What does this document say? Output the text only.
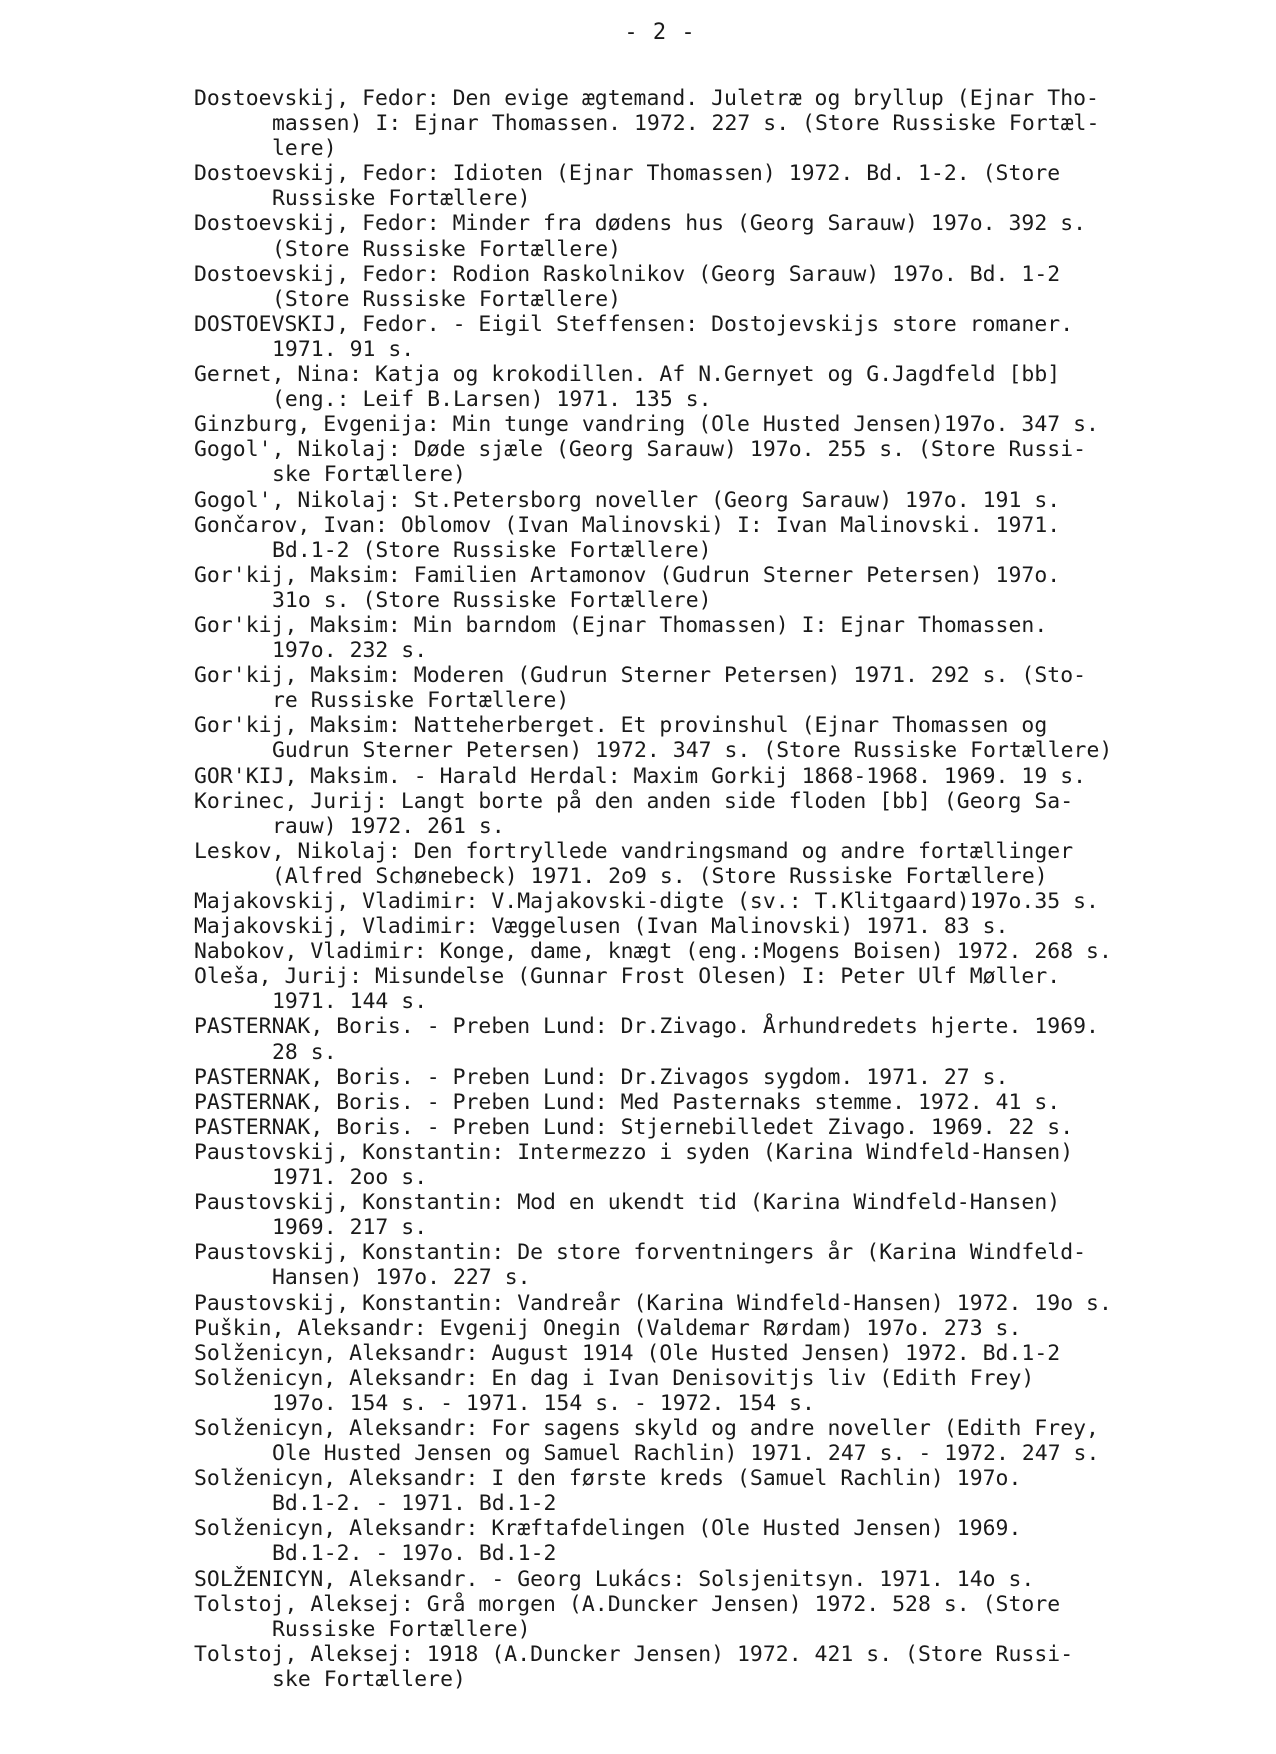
- 2 -
Dostoevskij, Fedor: Den evige ægtemand. Juletræ og bryllup (Ejnar Tho-
massen) I: Ejnar Thomassen. 1972. 227 s. (Store Russiske Fortæl-
lere)
Dostoevskij, Fedor: Idioten (Ejnar Thomassen) 1972. Bd. 1-2. (Store
Russiske Fortællere)
Dostoevskij, Fedor: Minder fra dødens hus (Georg Sarauw) 197o. 392 s.
(Store Russiske Fortællere)
Dostoevskij, Fedor: Rodion Raskolnikov (Georg Sarauw) 197o. Bd. 1-2
(Store Russiske Fortællere)
DOSTOEVSKIJ, Fedor. - Eigil Steffensen: Dostojevskijs store romaner.
1971. 91 s.
Gernet, Nina: Katja og krokodillen. Af N.Gernyet og G.Jagdfeld [bb]
(eng.: Leif B.Larsen) 1971. 135 s.
Ginzburg, Evgenija: Min tunge vandring (Ole Husted Jensen)197o. 347 s.
Gogol', Nikolaj: Døde sjæle (Georg Sarauw) 197o. 255 s. (Store Russi-
ske Fortællere)
Gogol', Nikolaj: St.Petersborg noveller (Georg Sarauw) 197o. 191 s.
Gončarov, Ivan: Oblomov (Ivan Malinovski) I: Ivan Malinovski. 1971.
Bd.1-2 (Store Russiske Fortællere)
Gor'kij, Maksim: Familien Artamonov (Gudrun Sterner Petersen) 197o.
31o s. (Store Russiske Fortællere)
Gor'kij, Maksim: Min barndom (Ejnar Thomassen) I: Ejnar Thomassen.
197o. 232 s.
Gor'kij, Maksim: Moderen (Gudrun Sterner Petersen) 1971. 292 s. (Sto-
re Russiske Fortællere)
Gor'kij, Maksim: Natteherberget. Et provinshul (Ejnar Thomassen og
Gudrun Sterner Petersen) 1972. 347 s. (Store Russiske Fortællere)
GOR'KIJ, Maksim. - Harald Herdal: Maxim Gorkij 1868-1968. 1969. 19 s.
Korinec, Jurij: Langt borte på den anden side floden [bb] (Georg Sa-
rauw) 1972. 261 s.
Leskov, Nikolaj: Den fortryllede vandringsmand og andre fortællinger
(Alfred Schønebeck) 1971. 2o9 s. (Store Russiske Fortællere)
Majakovskij, Vladimir: V.Majakovski-digte (sv.: T.Klitgaard)197o.35 s.
Majakovskij, Vladimir: Væggelusen (Ivan Malinovski) 1971. 83 s.
Nabokov, Vladimir: Konge, dame, knægt (eng.:Mogens Boisen) 1972. 268 s.
Oleša, Jurij: Misundelse (Gunnar Frost Olesen) I: Peter Ulf Møller.
1971. 144 s.
PASTERNAK, Boris. - Preben Lund: Dr.Zivago. Århundredets hjerte. 1969.
28 s.
PASTERNAK, Boris. - Preben Lund: Dr.Zivagos sygdom. 1971. 27 s.
PASTERNAK, Boris. - Preben Lund: Med Pasternaks stemme. 1972. 41 s.
PASTERNAK, Boris. - Preben Lund: Stjernebilledet Zivago. 1969. 22 s.
Paustovskij, Konstantin: Intermezzo i syden (Karina Windfeld-Hansen)
1971. 2oo s.
Paustovskij, Konstantin: Mod en ukendt tid (Karina Windfeld-Hansen)
1969. 217 s.
Paustovskij, Konstantin: De store forventningers år (Karina Windfeld-
Hansen) 197o. 227 s.
Paustovskij, Konstantin: Vandreår (Karina Windfeld-Hansen) 1972. 19o s.
Puškin, Aleksandr: Evgenij Onegin (Valdemar Rørdam) 197o. 273 s.
Solženicyn, Aleksandr: August 1914 (Ole Husted Jensen) 1972. Bd.1-2
Solženicyn, Aleksandr: En dag i Ivan Denisovitjs liv (Edith Frey)
197o. 154 s. - 1971. 154 s. - 1972. 154 s.
Solženicyn, Aleksandr: For sagens skyld og andre noveller (Edith Frey,
Ole Husted Jensen og Samuel Rachlin) 1971. 247 s. - 1972. 247 s.
Solženicyn, Aleksandr: I den første kreds (Samuel Rachlin) 197o.
Bd.1-2. - 1971. Bd.1-2
Solženicyn, Aleksandr: Kræftafdelingen (Ole Husted Jensen) 1969.
Bd.1-2. - 197o. Bd.1-2
SOLŽENICYN, Aleksandr. - Georg Lukács: Solsjenitsyn. 1971. 14o s.
Tolstoj, Aleksej: Grå morgen (A.Duncker Jensen) 1972. 528 s. (Store
Russiske Fortællere)
Tolstoj, Aleksej: 1918 (A.Duncker Jensen) 1972. 421 s. (Store Russi-
ske Fortællere)
